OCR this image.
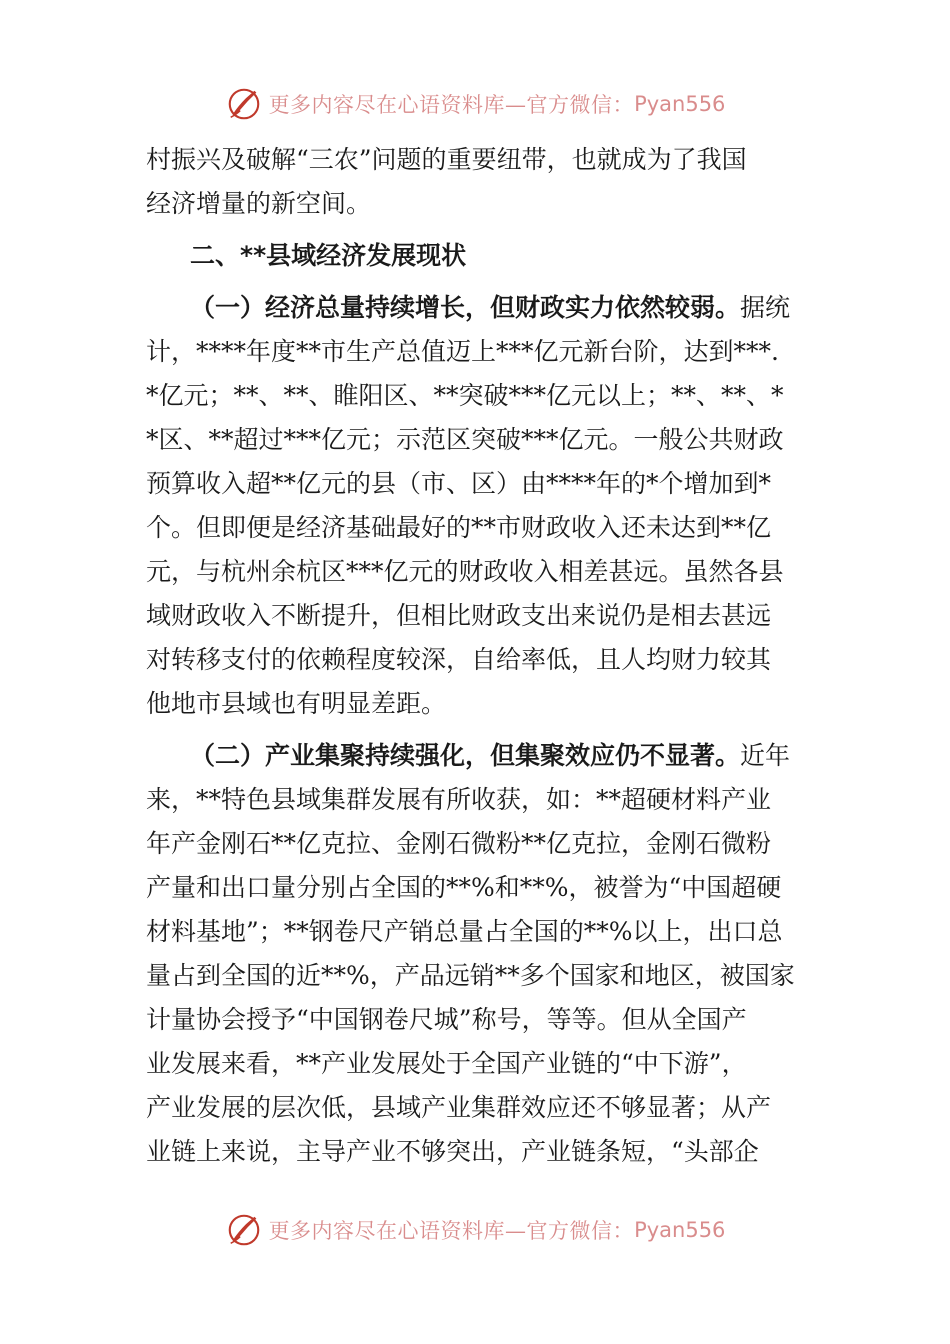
更多内容尽在心语资料库—官方微信： Pyan556
村振兴及破解“三农”问题的重要纽带，也就成为了我国
经济增量的新空间。
二、**县域经济发展现状
（一）经济总量持续增长，但财政实力依然较弱。据统
计，****年度**市生产总值迈上***亿元新台阶，达到***.
*亿元；**、**、睢阳区、**突破***亿元以上；**、**、*
*区、**超过***亿元；示范区突破***亿元。一般公共财政
预算收入超**亿元的县（市、区）由****年的*个增加到*
个。但即便是经济基础最好的**市财政收入还未达到**亿
元，与杭州余杭区***亿元的财政收入相差甚远。虽然各县
域财政收入不断提升，但相比财政支出来说仍是相去甚远
对转移支付的依赖程度较深，自给率低，且人均财力较其
他地市县域也有明显差距。
（二）产业集聚持续强化，但集聚效应仍不显著。近年
来，**特色县域集群发展有所收获，如：**超硬材料产业
年产金刚石**亿克拉、金刚石微粉**亿克拉，金刚石微粉
产量和出口量分别占全国的**%和**%，被誉为“中国超硬
材料基地”；**钢卷尺产销总量占全国的**%以上，出口总
量占到全国的近**%，产品远销**多个国家和地区，被国家
计量协会授予“中国钢卷尺城”称号，等等。但从全国产
业发展来看，**产业发展处于全国产业链的“中下游”，
产业发展的层次低，县域产业集群效应还不够显著；从产
业链上来说，主导产业不够突出，产业链条短，“头部企
更多内容尽在心语资料库—官方微信： Pyan556
